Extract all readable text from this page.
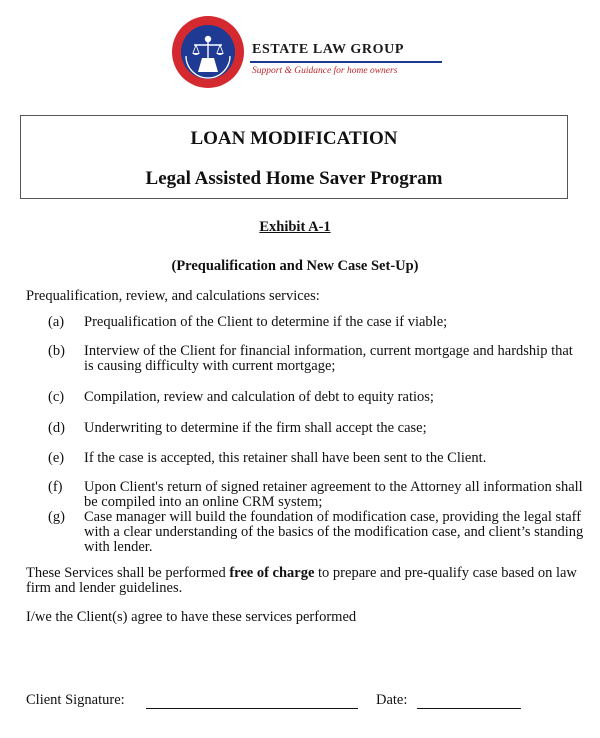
ESTATE LAW GROUP
Support & Guidance for home owners
LOAN MODIFICATION
Legal Assisted Home Saver Program
Exhibit A-1
(Prequalification and New Case Set-Up)
Prequalification, review, and calculations services:
(a)	Prequalification of the Client to determine if the case if viable;
(b)	Interview of the Client for financial information, current mortgage and hardship that is causing difficulty with current mortgage;
(c)	Compilation, review and calculation of debt to equity ratios;
(d)	Underwriting to determine if the firm shall accept the case;
(e)	If the case is accepted, this retainer shall have been sent to the Client.
(f)	Upon Client's return of signed retainer agreement to the Attorney all information shall be compiled into an online CRM system;
(g)	Case manager will build the foundation of modification case, providing the legal staff with a clear understanding of the basics of the modification case, and client’s standing with lender.
These Services shall be performed free of charge to prepare and pre-qualify case based on law firm and lender guidelines.
I/we the Client(s) agree to have these services performed
Client Signature:	Date:
